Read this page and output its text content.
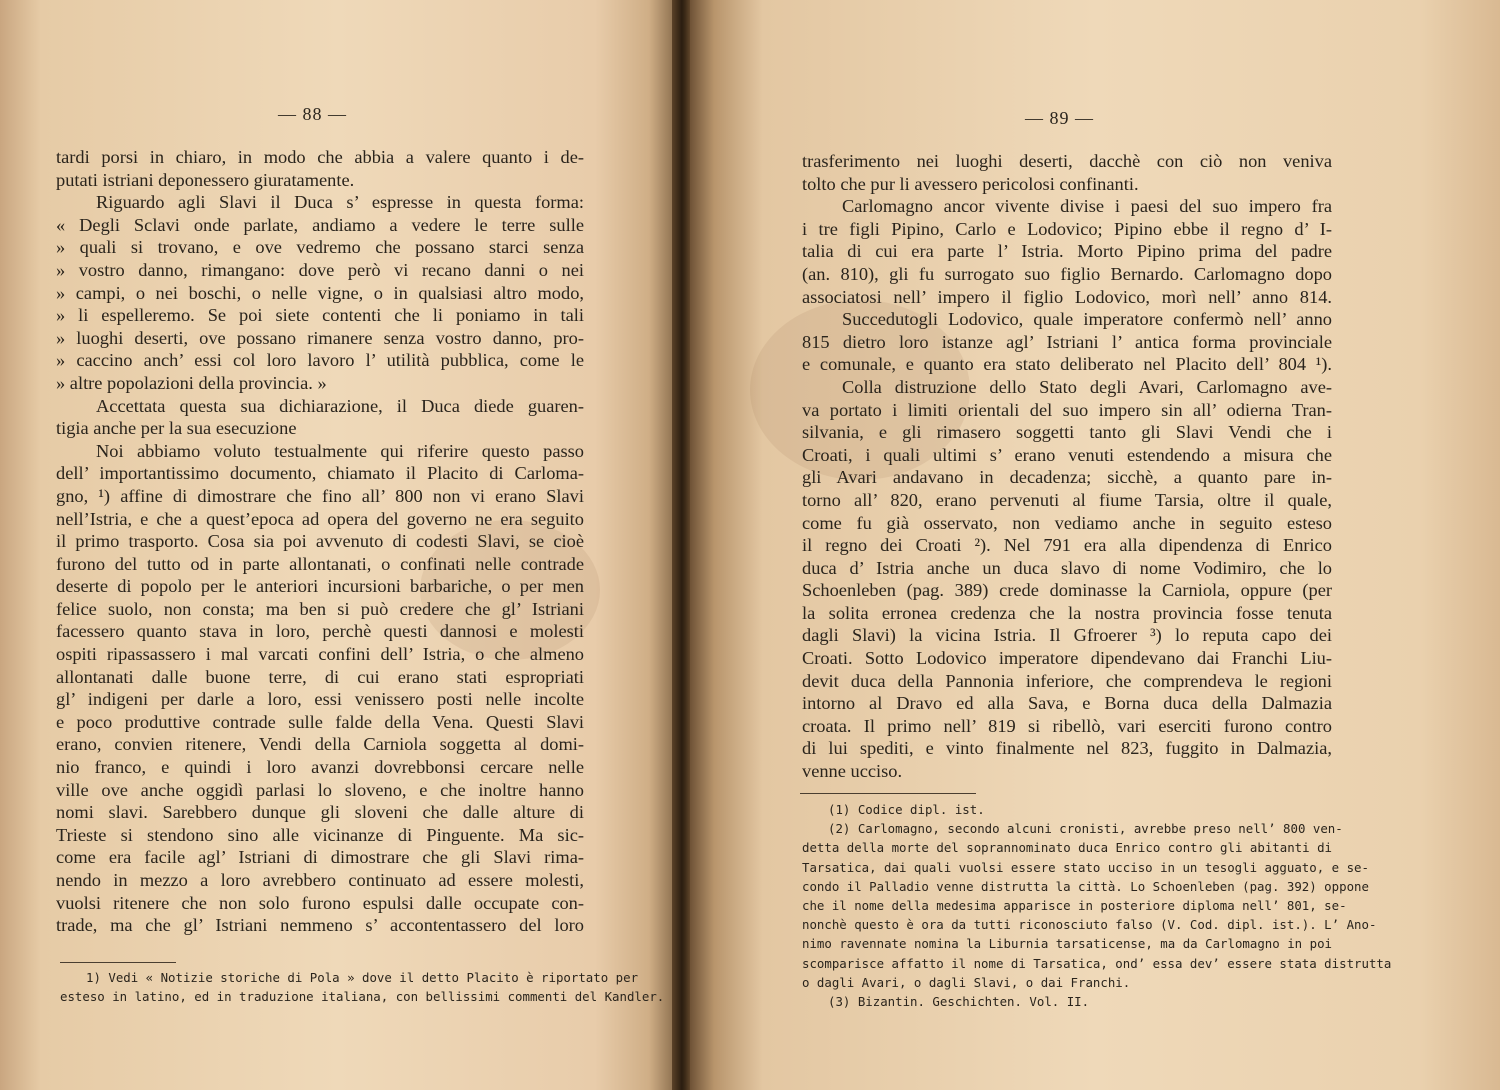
— 88 —
tardi porsi in chiaro, in modo che abbia a valere quanto i de-
putati istriani deponessero giuratamente.
Riguardo agli Slavi il Duca s’ espresse in questa forma:
« Degli Sclavi onde parlate, andiamo a vedere le terre sulle
» quali si trovano, e ove vedremo che possano starci senza
» vostro danno, rimangano: dove però vi recano danni o nei
» campi, o nei boschi, o nelle vigne, o in qualsiasi altro modo,
» li espelleremo. Se poi siete contenti che li poniamo in tali
» luoghi deserti, ove possano rimanere senza vostro danno, pro-
» caccino anch’ essi col loro lavoro l’ utilità pubblica, come le
» altre popolazioni della provincia. »
Accettata questa sua dichiarazione, il Duca diede guaren-
tigia anche per la sua esecuzione
Noi abbiamo voluto testualmente qui riferire questo passo
dell’ importantissimo documento, chiamato il Placito di Carloma-
gno, ¹) affine di dimostrare che fino all’ 800 non vi erano Slavi
nell’Istria, e che a quest’epoca ad opera del governo ne era seguito
il primo trasporto. Cosa sia poi avvenuto di codesti Slavi, se cioè
furono del tutto od in parte allontanati, o confinati nelle contrade
deserte di popolo per le anteriori incursioni barbariche, o per men
felice suolo, non consta; ma ben si può credere che gl’ Istriani
facessero quanto stava in loro, perchè questi dannosi e molesti
ospiti ripassassero i mal varcati confini dell’ Istria, o che almeno
allontanati dalle buone terre, di cui erano stati espropriati
gl’ indigeni per darle a loro, essi venissero posti nelle incolte
e poco produttive contrade sulle falde della Vena. Questi Slavi
erano, convien ritenere, Vendi della Carniola soggetta al domi-
nio franco, e quindi i loro avanzi dovrebbonsi cercare nelle
ville ove anche oggidì parlasi lo sloveno, e che inoltre hanno
nomi slavi. Sarebbero dunque gli sloveni che dalle alture di
Trieste si stendono sino alle vicinanze di Pinguente. Ma sic-
come era facile agl’ Istriani di dimostrare che gli Slavi rima-
nendo in mezzo a loro avrebbero continuato ad essere molesti,
vuolsi ritenere che non solo furono espulsi dalle occupate con-
trade, ma che gl’ Istriani nemmeno s’ accontentassero del loro
1) Vedi « Notizie storiche di Pola » dove il detto Placito è riportato per
esteso in latino, ed in traduzione italiana, con bellissimi commenti del Kandler.
— 89 —
trasferimento nei luoghi deserti, dacchè con ciò non veniva
tolto che pur li avessero pericolosi confinanti.
Carlomagno ancor vivente divise i paesi del suo impero fra
i tre figli Pipino, Carlo e Lodovico; Pipino ebbe il regno d’ I-
talia di cui era parte l’ Istria. Morto Pipino prima del padre
(an. 810), gli fu surrogato suo figlio Bernardo. Carlomagno dopo
associatosi nell’ impero il figlio Lodovico, morì nell’ anno 814.
Succedutogli Lodovico, quale imperatore confermò nell’ anno
815 dietro loro istanze agl’ Istriani l’ antica forma provinciale
e comunale, e quanto era stato deliberato nel Placito dell’ 804 ¹).
Colla distruzione dello Stato degli Avari, Carlomagno ave-
va portato i limiti orientali del suo impero sin all’ odierna Tran-
silvania, e gli rimasero soggetti tanto gli Slavi Vendi che i
Croati, i quali ultimi s’ erano venuti estendendo a misura che
gli Avari andavano in decadenza; sicchè, a quanto pare in-
torno all’ 820, erano pervenuti al fiume Tarsia, oltre il quale,
come fu già osservato, non vediamo anche in seguito esteso
il regno dei Croati ²). Nel 791 era alla dipendenza di Enrico
duca d’ Istria anche un duca slavo di nome Vodimiro, che lo
Schoenleben (pag. 389) crede dominasse la Carniola, oppure (per
la solita erronea credenza che la nostra provincia fosse tenuta
dagli Slavi) la vicina Istria. Il Gfroerer ³) lo reputa capo dei
Croati. Sotto Lodovico imperatore dipendevano dai Franchi Liu-
devit duca della Pannonia inferiore, che comprendeva le regioni
intorno al Dravo ed alla Sava, e Borna duca della Dalmazia
croata. Il primo nell’ 819 si ribellò, vari eserciti furono contro
di lui spediti, e vinto finalmente nel 823, fuggito in Dalmazia,
venne ucciso.
(1) Codice dipl. ist.
(2) Carlomagno, secondo alcuni cronisti, avrebbe preso nell’ 800 ven-
detta della morte del soprannominato duca Enrico contro gli abitanti di
Tarsatica, dai quali vuolsi essere stato ucciso in un tesogli agguato, e se-
condo il Palladio venne distrutta la città. Lo Schoenleben (pag. 392) oppone
che il nome della medesima apparisce in posteriore diploma nell’ 801, se-
nonchè questo è ora da tutti riconosciuto falso (V. Cod. dipl. ist.). L’ Ano-
nimo ravennate nomina la Liburnia tarsaticense, ma da Carlomagno in poi
scomparisce affatto il nome di Tarsatica, ond’ essa dev’ essere stata distrutta
o dagli Avari, o dagli Slavi, o dai Franchi.
(3) Bizantin. Geschichten. Vol. II.
